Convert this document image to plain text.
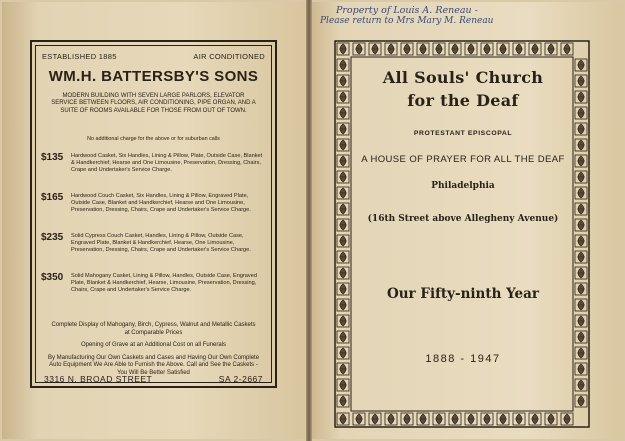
ESTABLISHED 1885	AIR CONDITIONED
WM.H. BATTERSBY'S SONS
MODERN BUILDING WITH SEVEN LARGE PARLORS, ELEVATOR SERVICE BETWEEN FLOORS, AIR CONDITIONING, PIPE ORGAN, AND A SUITE OF ROOMS AVAILABLE FOR THOSE FROM OUT OF TOWN.
No additional charge for the above or for suburban calls
$135 Hardwood Casket, Six Handles, Lining & Pillow, Plate, Outside Case, Blanket & Handkerchief, Hearse and One Limousine, Preservation, Dressing, Chairs, Crape and Undertaker's Service Charge.
$165 Hardwood Couch Casket, Six Handles, Lining & Pillow, Engraved Plate, Outside Case, Blanket and Handkerchief, Hearse and One Limousine, Preservation, Dressing, Chairs, Crape and Undertaker's Service Charge.
$235 Solid Cypress Couch Casket, Handles, Lining & Pillow, Outside Case, Engraved Plate, Blanket & Handkerchief, Hearse, One Limousine, Preservation, Dressing, Chairs, Crape and Undertaker's Service Charge.
$350 Solid Mahogany Casket, Lining & Pillow, Handles, Outside Case, Engraved Plate, Blanket & Handkerchief, Hearse, Limousine, Preservation, Dressing, Chairs, Crape and Undertaker's Service Charge.
Complete Display of Mahogany, Birch, Cypress, Walnut and Metallic Caskets at Comparable Prices
Opening of Grave at an Additional Cost on all Funerals
By Manufacturing Our Own Caskets and Cases and Having Our Own Complete Auto Equipment We Are Able to Furnish the Above. Call and See the Caskets - You Will Be Better Satisfied
3316 N. BROAD STREET	SA 2-2667
Property of Louis A. Reneau -
Please return to Mrs Mary M. Reneau
All Souls' Church
for the Deaf
PROTESTANT EPISCOPAL
A HOUSE OF PRAYER FOR ALL THE DEAF
Philadelphia
(16th Street above Allegheny Avenue)
Our Fifty-ninth Year
1888 - 1947
